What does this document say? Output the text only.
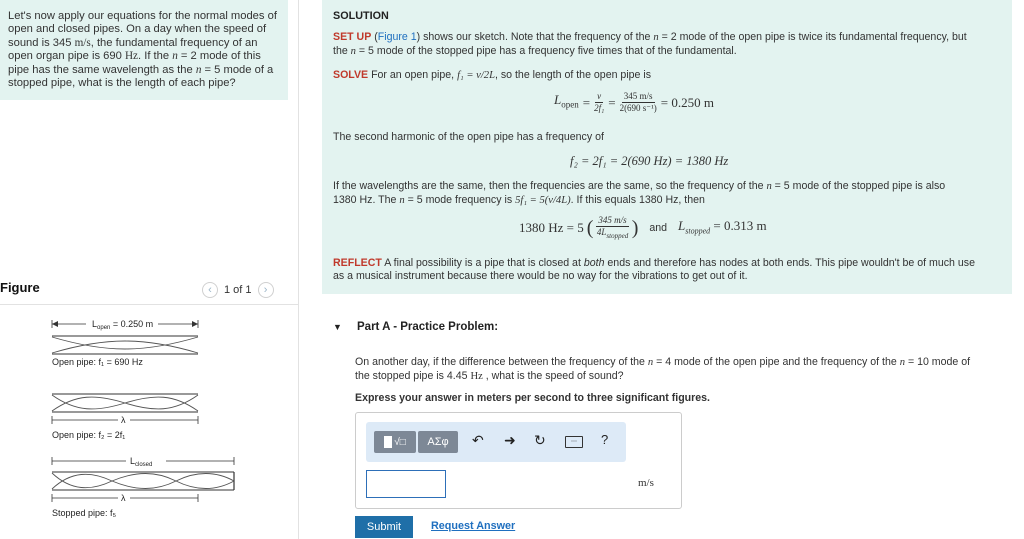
Let's now apply our equations for the normal modes of
open and closed pipes. On a day when the speed of
sound is 345 m/s, the fundamental frequency of an
open organ pipe is 690 Hz. If the n = 2 mode of this
pipe has the same wavelength as the n = 5 mode of a
stopped pipe, what is the length of each pipe?
Figure	‹	1 of 1	›
$L_{open} = 0.250$ m
Open pipe: f₁ = 690 Hz
λ
Open pipe: f₂ = 2f₁
$L_{closed}$
λ
Stopped pipe: f₅
SOLUTION
SET UP (Figure 1) shows our sketch. Note that the frequency of the n = 2 mode of the open pipe is twice its fundamental frequency, but
the n = 5 mode of the stopped pipe has a frequency five times that of the fundamental.
SOLVE For an open pipe, f₁ = v/2L, so the length of the open pipe is
$L_{open} = \frac{v}{\text{2f₁}} = \frac{345 m/s}{\text{2(690 s⁻¹)}} = 0.250$ m
The second harmonic of the open pipe has a frequency of
f₂ = 2f₁ = 2(690 Hz) = 1380 Hz
If the wavelengths are the same, then the frequencies are the same, so the frequency of the n = 5 mode of the stopped pipe is also
1380 Hz. The n = 5 mode frequency is 5f₁ = 5(v/4L). If this equals 1380 Hz, then
1380 Hz = 5 ( $\frac{345 m/s}{4L_{stopped}}$ ) and $L_{stopped} = 0.313$ m
REFLECT A final possibility is a pipe that is closed at both ends and therefore has nodes at both ends. This pipe wouldn't be of much use
as a musical instrument because there would be no way for the vibrations to get out of it.
▼ Part A - Practice Problem:
On another day, if the difference between the frequency of the n = 4 mode of the open pipe and the frequency of the n = 10 mode of
the stopped pipe is 4.45 Hz , what is the speed of sound?
Express your answer in meters per second to three significant figures.
√□ ΑΣφ ↶ ➜ ↻	⋯	?
m/s
Submit	Request Answer
